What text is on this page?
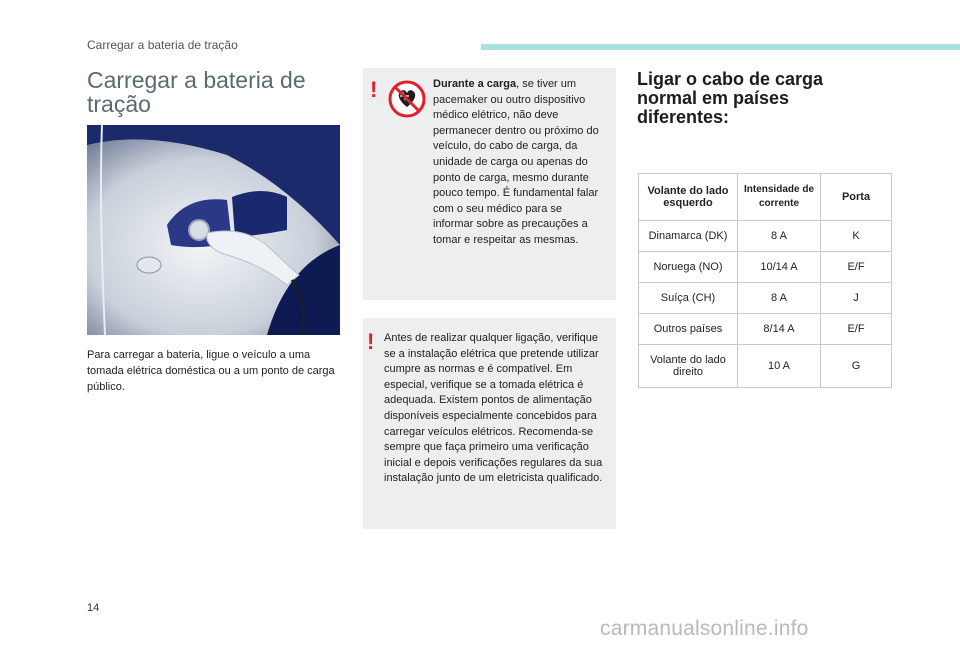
Carregar a bateria de tração
Carregar a bateria de tração
Para carregar a bateria, ligue o veículo a uma tomada elétrica doméstica ou a um ponto de carga público.
!	Durante a carga, se tiver um pacemaker ou outro dispositivo médico elétrico, não deve permanecer dentro ou próximo do veículo, do cabo de carga, da unidade de carga ou apenas do ponto de carga, mesmo durante pouco tempo. É fundamental falar com o seu médico para se informar sobre as precauções a tomar e respeitar as mesmas.
! Antes de realizar qualquer ligação, verifique se a instalação elétrica que pretende utilizar cumpre as normas e é compatível. Em especial, verifique se a tomada elétrica é adequada. Existem pontos de alimentação disponíveis especialmente concebidos para carregar veículos elétricos. Recomenda-se sempre que faça primeiro uma verificação inicial e depois verificações regulares da sua instalação junto de um eletricista qualificado.
Ligar o cabo de carga normal em países diferentes:
Volante do lado esquerdo	Intensidade de corrente	Porta
Dinamarca (DK)	8 A	K
Noruega (NO)	10/14 A	E/F
Suíça (CH)	8 A	J
Outros países	8/14 A	E/F
Volante do lado direito	10 A	G
14
carmanualsonline.info
